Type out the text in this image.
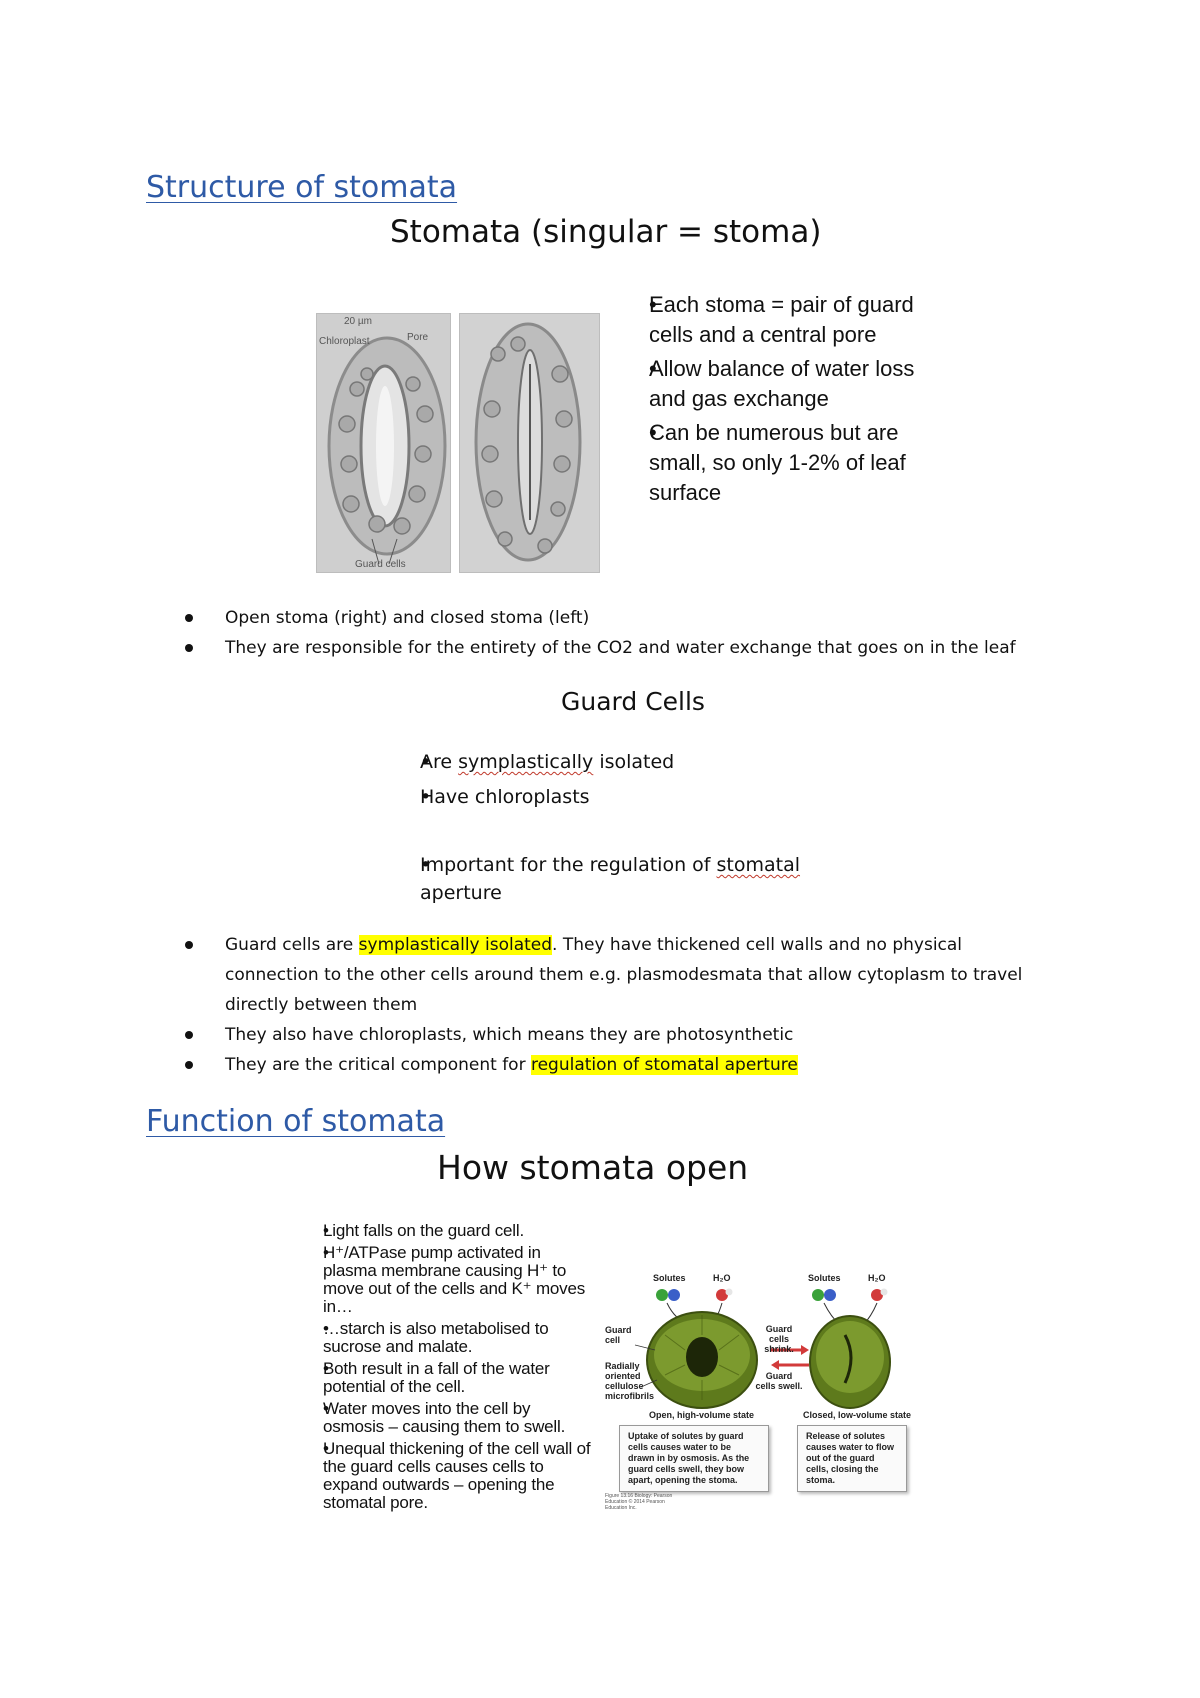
Structure of stomata
Stomata (singular = stoma)
20 µm
Chloroplast	Pore
Guard cells
• Each stoma = pair of guard cells and a central pore
• Allow balance of water loss and gas exchange
• Can be numerous but are small, so only 1-2% of leaf surface
Open stoma (right) and closed stoma (left)
They are responsible for the entirety of the CO2 and water exchange that goes on in the leaf
Guard Cells
• Are symplastically isolated
• Have chloroplasts
• Important for the regulation of stomatal aperture
Guard cells are symplastically isolated. They have thickened cell walls and no physical connection to the other cells around them e.g. plasmodesmata that allow cytoplasm to travel directly between them
They also have chloroplasts, which means they are photosynthetic
They are the critical component for regulation of stomatal aperture
Function of stomata
How stomata open
• Light falls on the guard cell.
• H⁺/ATPase pump activated in plasma membrane causing H⁺ to move out of the cells and K⁺ moves in…
• …starch is also metabolised to sucrose and malate.
• Both result in a fall of the water potential of the cell.
• Water moves into the cell by osmosis – causing them to swell.
• Unequal thickening of the cell wall of the guard cells causes cells to expand outwards – opening the stomatal pore.
Solutes	H₂O	Solutes	H₂O
Guard cell
Radially oriented cellulose microfibrils
Guard cells shrink.
Guard cells swell.
Open, high-volume state	Closed, low-volume state
Uptake of solutes by guard cells causes water to be drawn in by osmosis. As the guard cells swell, they bow apart, opening the stoma.
Release of solutes causes water to flow out of the guard cells, closing the stoma.
Figure 13.16 Biology: Pearson Education © 2014 Pearson Education Inc.
